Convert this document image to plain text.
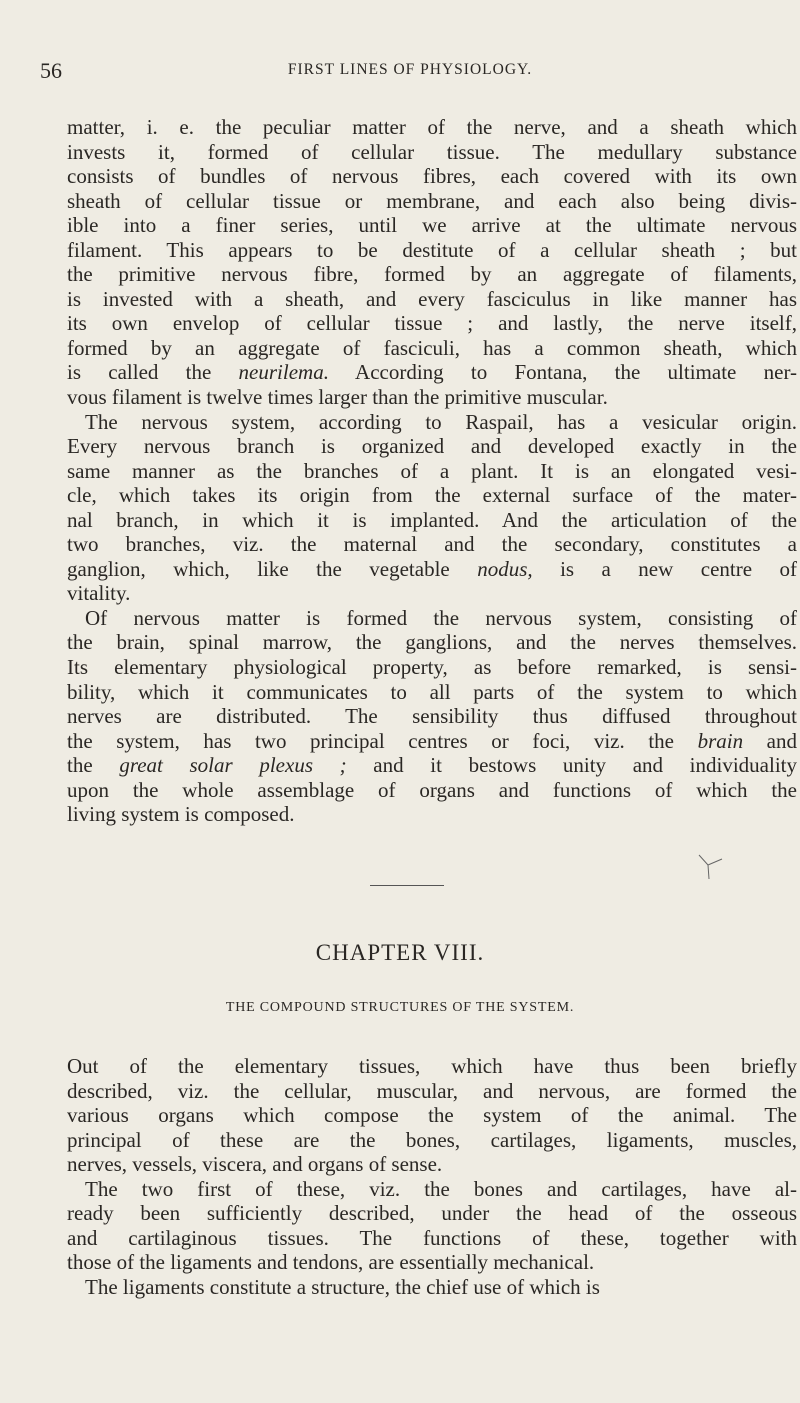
56	FIRST LINES OF PHYSIOLOGY.
matter, i. e. the peculiar matter of the nerve, and a sheath which
invests it, formed of cellular tissue. The medullary substance
consists of bundles of nervous fibres, each covered with its own
sheath of cellular tissue or membrane, and each also being divis-
ible into a finer series, until we arrive at the ultimate nervous
filament. This appears to be destitute of a cellular sheath ; but
the primitive nervous fibre, formed by an aggregate of filaments,
is invested with a sheath, and every fasciculus in like manner has
its own envelop of cellular tissue ; and lastly, the nerve itself,
formed by an aggregate of fasciculi, has a common sheath, which
is called the neurilema. According to Fontana, the ultimate ner-
vous filament is twelve times larger than the primitive muscular.
The nervous system, according to Raspail, has a vesicular origin.
Every nervous branch is organized and developed exactly in the
same manner as the branches of a plant. It is an elongated vesi-
cle, which takes its origin from the external surface of the mater-
nal branch, in which it is implanted. And the articulation of the
two branches, viz. the maternal and the secondary, constitutes a
ganglion, which, like the vegetable nodus, is a new centre of
vitality.
Of nervous matter is formed the nervous system, consisting of
the brain, spinal marrow, the ganglions, and the nerves themselves.
Its elementary physiological property, as before remarked, is sensi-
bility, which it communicates to all parts of the system to which
nerves are distributed. The sensibility thus diffused throughout
the system, has two principal centres or foci, viz. the brain and
the great solar plexus ; and it bestows unity and individuality
upon the whole assemblage of organs and functions of which the
living system is composed.
CHAPTER VIII.
THE COMPOUND STRUCTURES OF THE SYSTEM.
Out of the elementary tissues, which have thus been briefly
described, viz. the cellular, muscular, and nervous, are formed the
various organs which compose the system of the animal. The
principal of these are the bones, cartilages, ligaments, muscles,
nerves, vessels, viscera, and organs of sense.
The two first of these, viz. the bones and cartilages, have al-
ready been sufficiently described, under the head of the osseous
and cartilaginous tissues. The functions of these, together with
those of the ligaments and tendons, are essentially mechanical.
The ligaments constitute a structure, the chief use of which is
